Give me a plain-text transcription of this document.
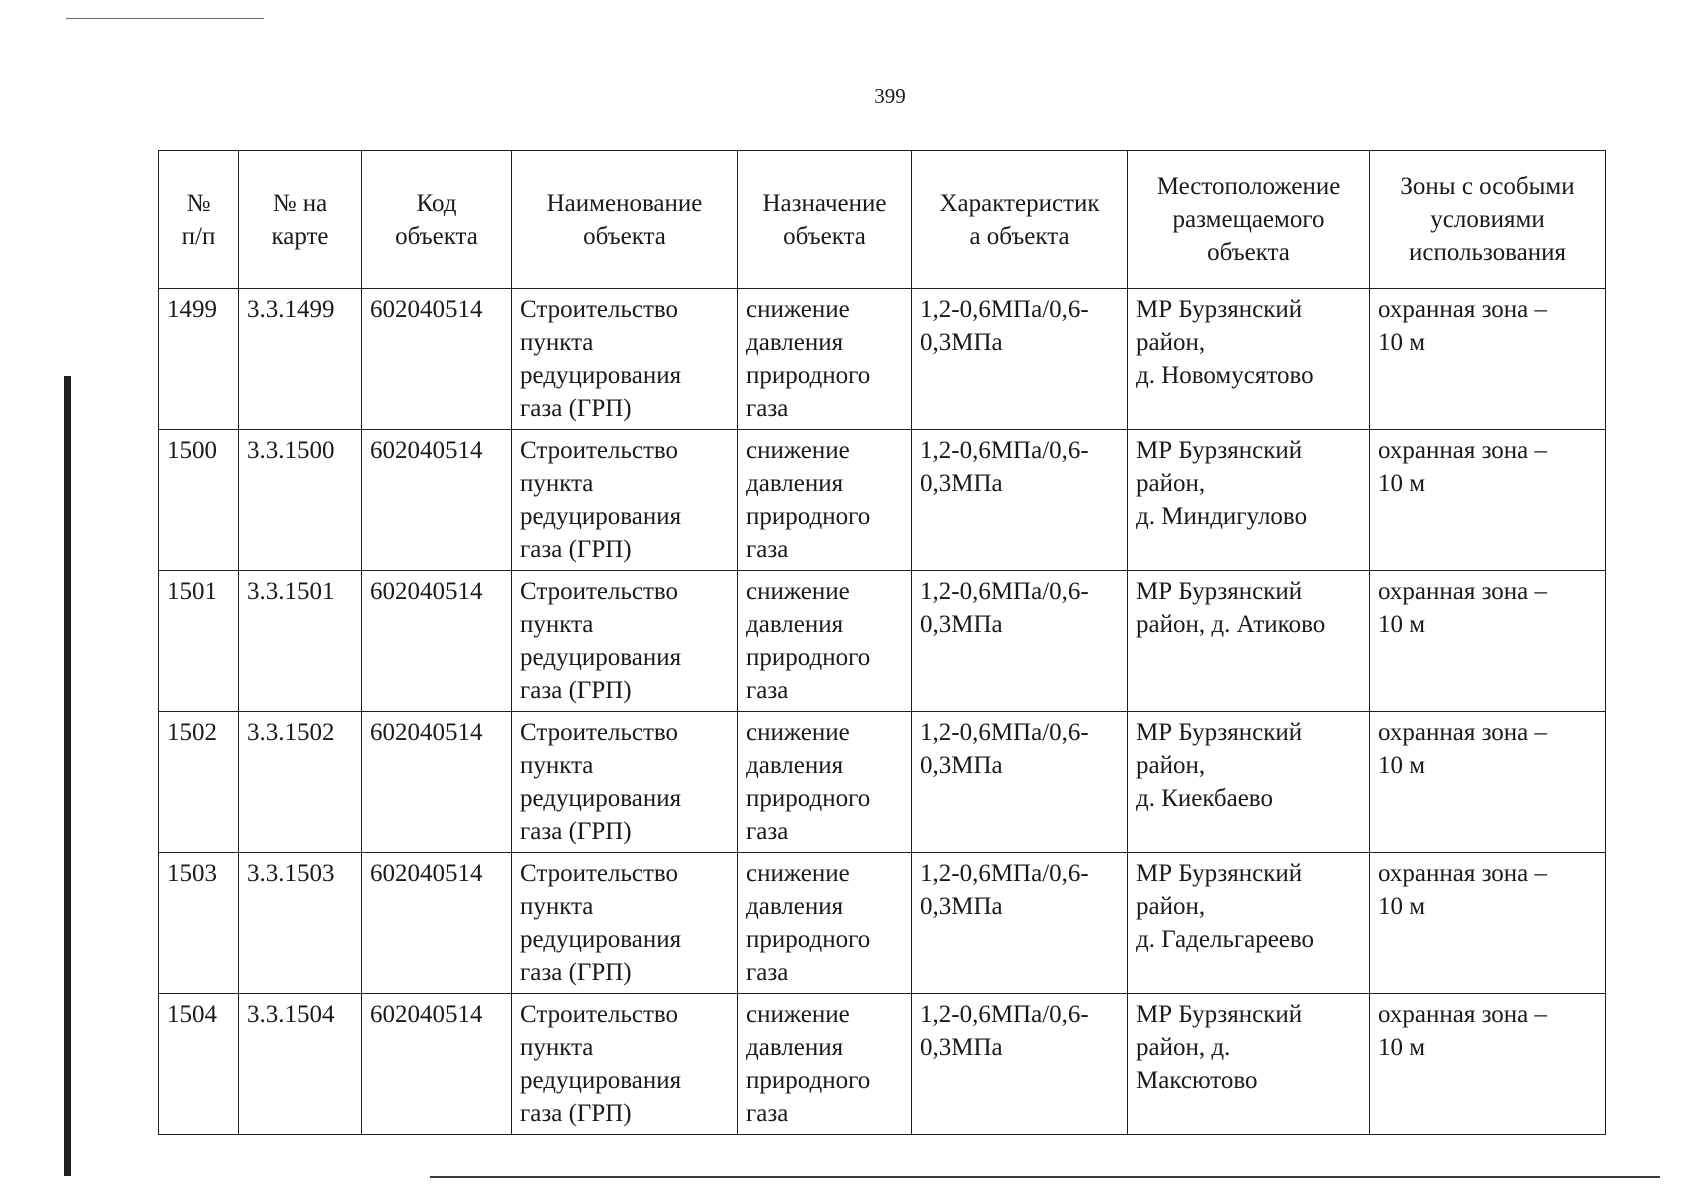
399
№
п/п	№ на
карте	Код
объекта	Наименование
объекта	Назначение
объекта	Характеристик
а объекта	Местоположение
размещаемого
объекта	Зоны с особыми
условиями
использования

1499	3.3.1499	602040514	Строительство
пункта
редуцирования
газа (ГРП)	снижение
давления
природного
газа	1,2-0,6МПа/0,6-
0,3МПа	МР Бурзянский
район,
д. Новомусятово	охранная зона –
10 м

1500	3.3.1500	602040514	Строительство
пункта
редуцирования
газа (ГРП)	снижение
давления
природного
газа	1,2-0,6МПа/0,6-
0,3МПа	МР Бурзянский
район,
д. Миндигулово	охранная зона –
10 м

1501	3.3.1501	602040514	Строительство
пункта
редуцирования
газа (ГРП)	снижение
давления
природного
газа	1,2-0,6МПа/0,6-
0,3МПа	МР Бурзянский
район, д. Атиково	охранная зона –
10 м

1502	3.3.1502	602040514	Строительство
пункта
редуцирования
газа (ГРП)	снижение
давления
природного
газа	1,2-0,6МПа/0,6-
0,3МПа	МР Бурзянский
район,
д. Киекбаево	охранная зона –
10 м

1503	3.3.1503	602040514	Строительство
пункта
редуцирования
газа (ГРП)	снижение
давления
природного
газа	1,2-0,6МПа/0,6-
0,3МПа	МР Бурзянский
район,
д. Гадельгареево	охранная зона –
10 м

1504	3.3.1504	602040514	Строительство
пункта
редуцирования
газа (ГРП)	снижение
давления
природного
газа	1,2-0,6МПа/0,6-
0,3МПа	МР Бурзянский
район, д.
Максютово	охранная зона –
10 м
